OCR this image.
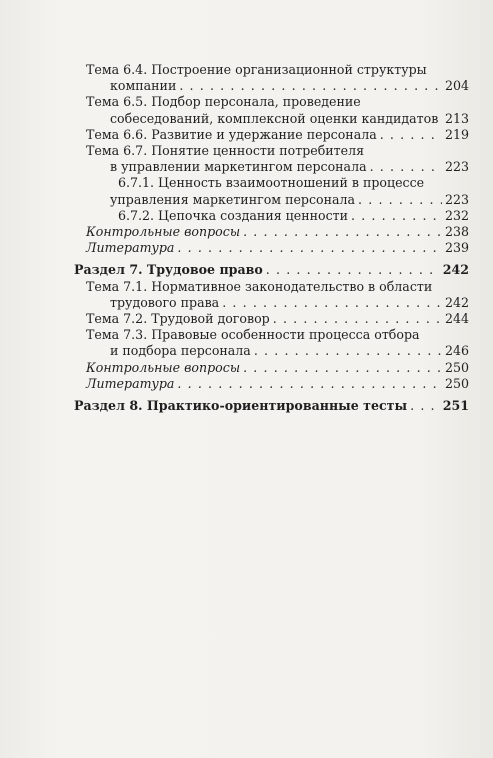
Тема 6.4. Построение организационной структуры
компании . . .	204
Тема 6.5. Подбор персонала, проведение
собеседований, комплексной оценки кандидатов . . . 213
Тема 6.6. Развитие и удержание персонала . . .	219
Тема 6.7. Понятие ценности потребителя
в управлении маркетингом персонала . . .	223
6.7.1. Ценность взаимоотношений в процессе
управления маркетингом персонала . . .	223
6.7.2. Цепочка создания ценности . . .	232
Контрольные вопросы . . .	238
Литература . . .	239
Раздел 7. Трудовое право . . .	242
Тема 7.1. Нормативное законодательство в области
трудового права . . .	242
Тема 7.2. Трудовой договор . . .	244
Тема 7.3. Правовые особенности процесса отбора
и подбора персонала . . .	246
Контрольные вопросы . . .	250
Литература . . .	250
Раздел 8. Практико-ориентированные тесты . . .	251
